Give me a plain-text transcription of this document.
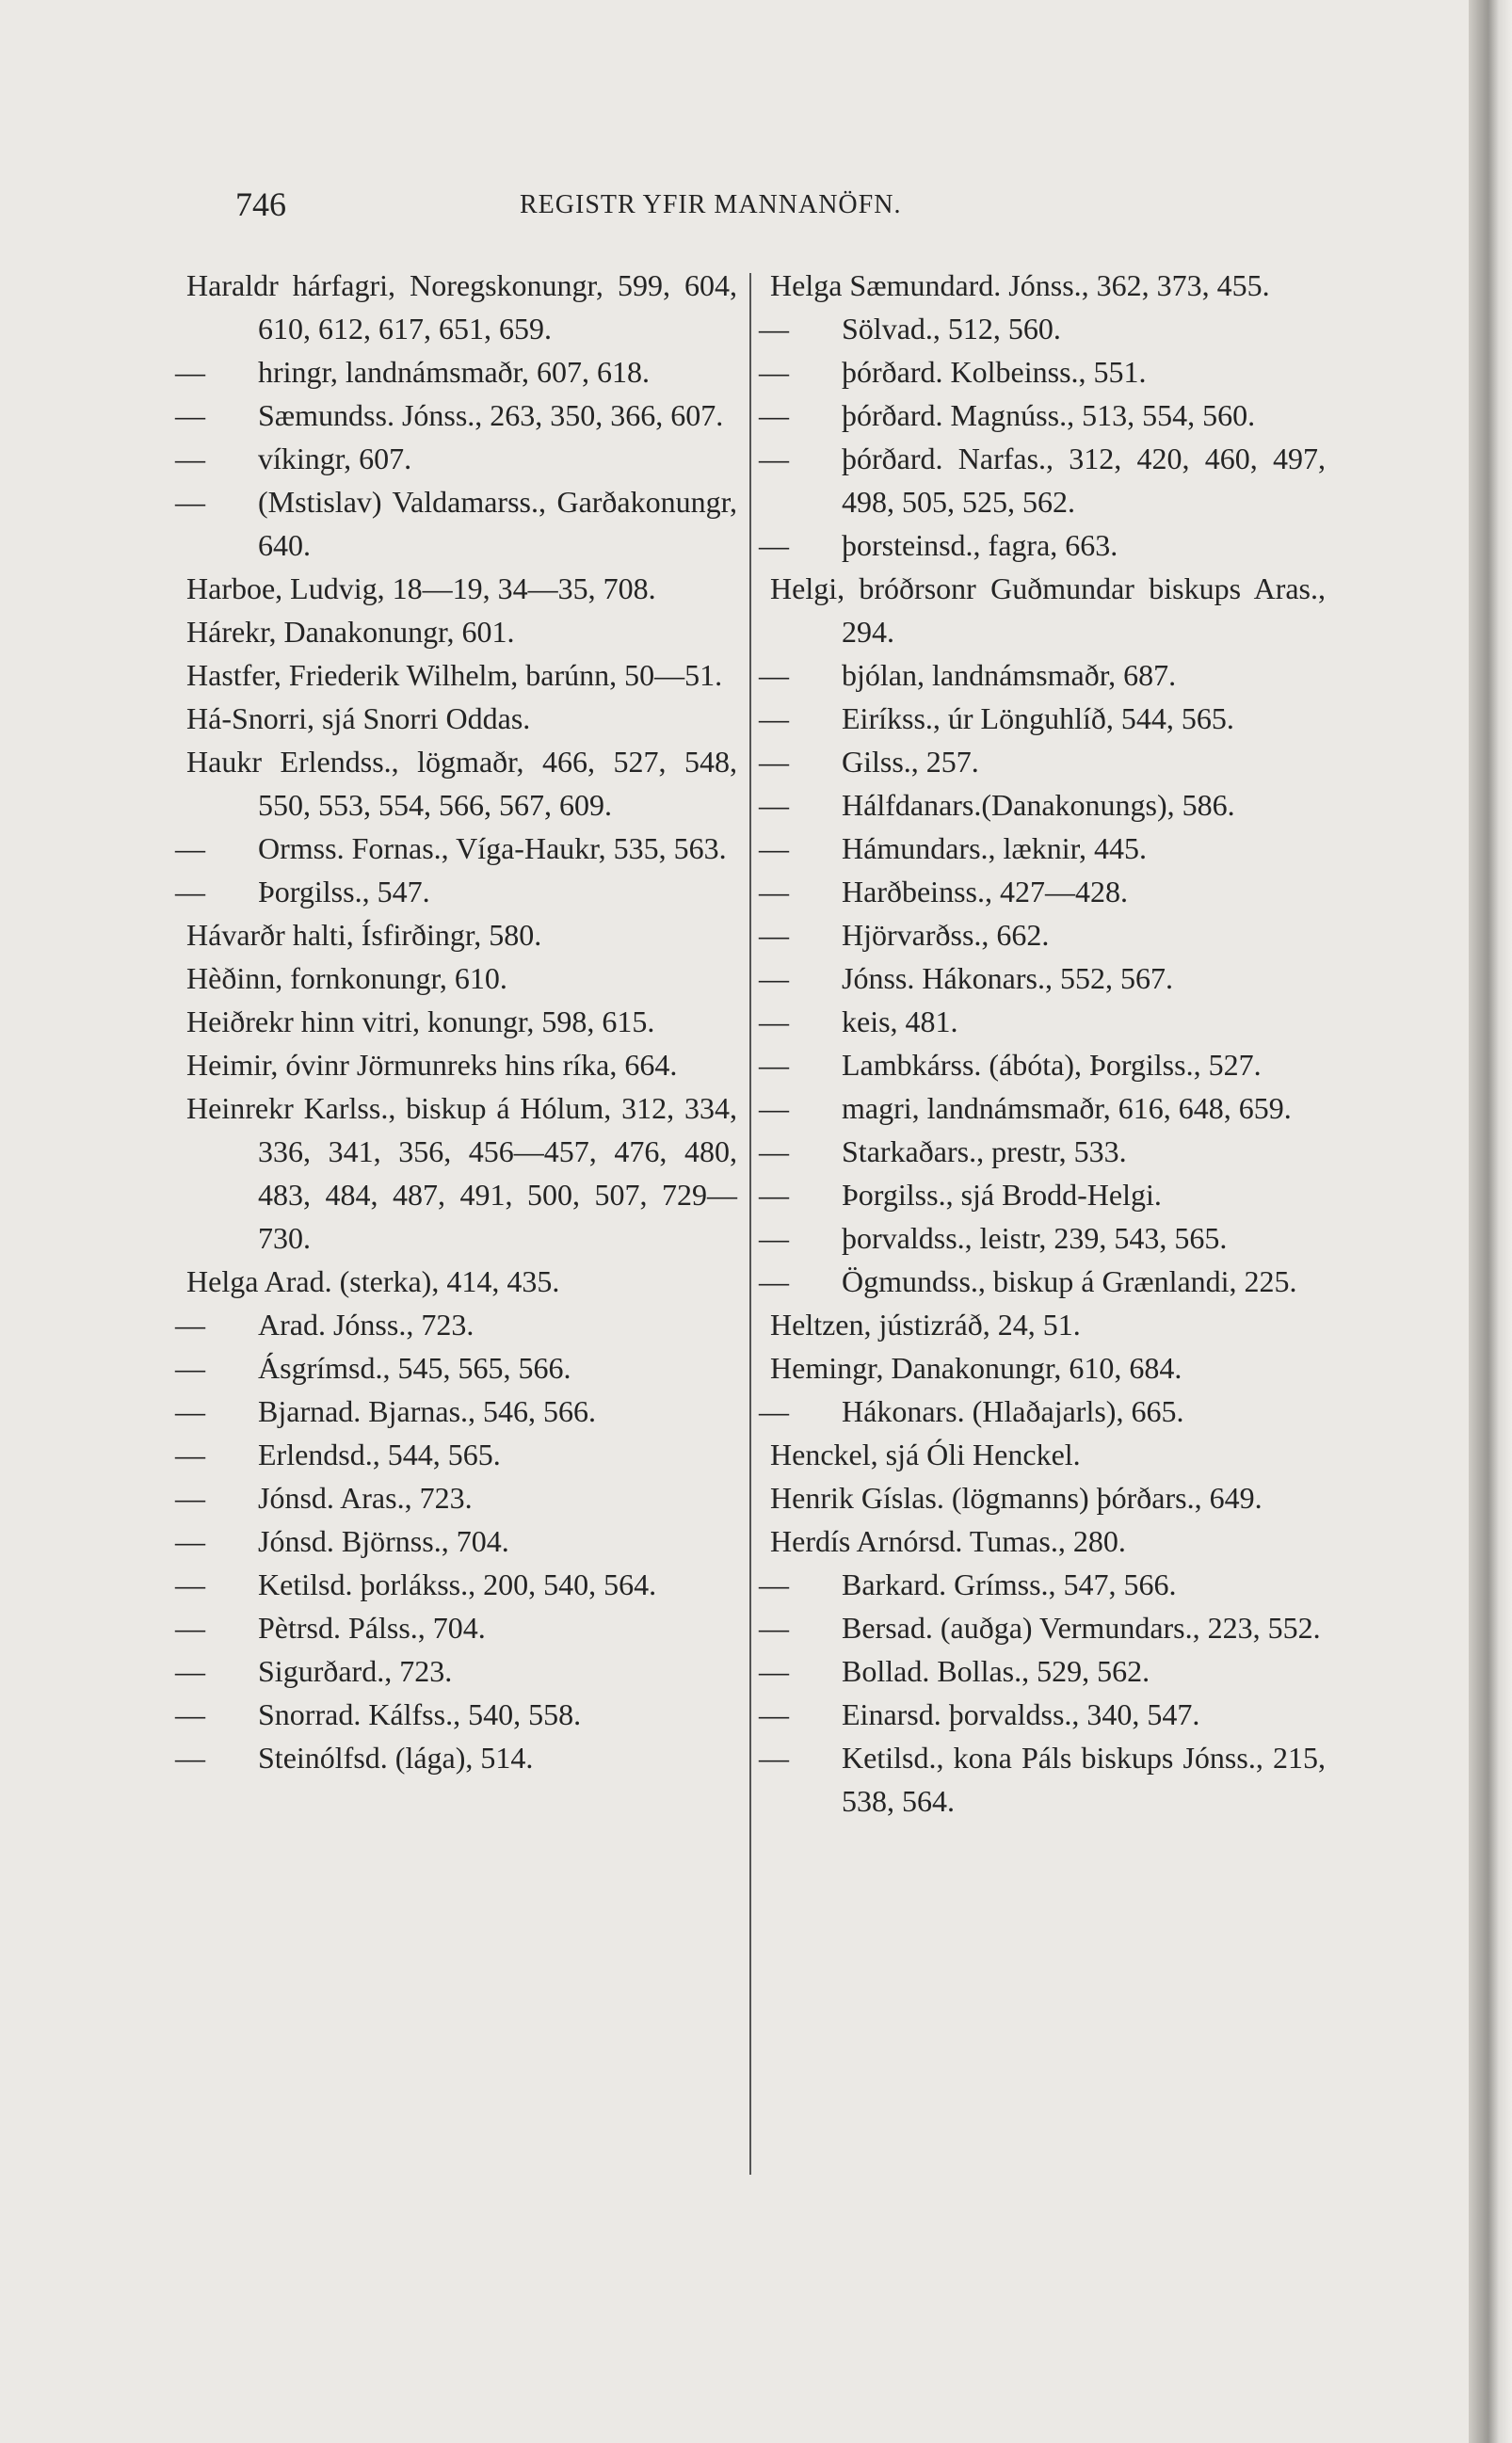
746	REGISTR YFIR MANNANÖFN.

Haraldr hárfagri, Noregskonungr, 599, 604, 610, 612, 617, 651, 659.

— hringr, landnámsmaðr, 607, 618.

— Sæmundss. Jónss., 263, 350, 366, 607.

— víkingr, 607.

— (Mstislav) Valdamarss., Garðakonungr, 640.

Harboe, Ludvig, 18—19, 34—35, 708.

Hárekr, Danakonungr, 601.

Hastfer, Friederik Wilhelm, barúnn, 50—51.

Há-Snorri, sjá Snorri Oddas.

Haukr Erlendss., lögmaðr, 466, 527, 548, 550, 553, 554, 566, 567, 609.

— Ormss. Fornas., Víga-Haukr, 535, 563.

— Þorgilss., 547.

Hávarðr halti, Ísfirðingr, 580.

Hèðinn, fornkonungr, 610.

Heiðrekr hinn vitri, konungr, 598, 615.

Heimir, óvinr Jörmunreks hins ríka, 664.

Heinrekr Karlss., biskup á Hólum, 312, 334, 336, 341, 356, 456—457, 476, 480, 483, 484, 487, 491, 500, 507, 729—730.

Helga Arad. (sterka), 414, 435.

— Arad. Jónss., 723.

— Ásgrímsd., 545, 565, 566.

— Bjarnad. Bjarnas., 546, 566.

— Erlendsd., 544, 565.

— Jónsd. Aras., 723.

— Jónsd. Björnss., 704.

— Ketilsd. þorlákss., 200, 540, 564.

— Pètrsd. Pálss., 704.

— Sigurðard., 723.

— Snorrad. Kálfss., 540, 558.

— Steinólfsd. (lága), 514.

Helga Sæmundard. Jónss., 362, 373, 455.

— Sölvad., 512, 560.

— þórðard. Kolbeinss., 551.

— þórðard. Magnúss., 513, 554, 560.

— þórðard. Narfas., 312, 420, 460, 497, 498, 505, 525, 562.

— þorsteinsd., fagra, 663.

Helgi, bróðrsonr Guðmundar biskups Aras., 294.

— bjólan, landnámsmaðr, 687.

— Eiríkss., úr Lönguhlíð, 544, 565.

— Gilss., 257.

— Hálfdanars.(Danakonungs), 586.

— Hámundars., læknir, 445.

— Harðbeinss., 427—428.

— Hjörvarðss., 662.

— Jónss. Hákonars., 552, 567.

— keis, 481.

— Lambkárss. (ábóta), Þorgilss., 527.

— magri, landnámsmaðr, 616, 648, 659.

— Starkaðars., prestr, 533.

— Þorgilss., sjá Brodd-Helgi.

— þorvaldss., leistr, 239, 543, 565.

— Ögmundss., biskup á Grænlandi, 225.

Heltzen, jústizráð, 24, 51.

Hemingr, Danakonungr, 610, 684.

— Hákonars. (Hlaðajarls), 665.

Henckel, sjá Óli Henckel.

Henrik Gíslas. (lögmanns) þórðars., 649.

Herdís Arnórsd. Tumas., 280.

— Barkard. Grímss., 547, 566.

— Bersad. (auðga) Vermundars., 223, 552.

— Bollad. Bollas., 529, 562.

— Einarsd. þorvaldss., 340, 547.

— Ketilsd., kona Páls biskups Jónss., 215, 538, 564.
